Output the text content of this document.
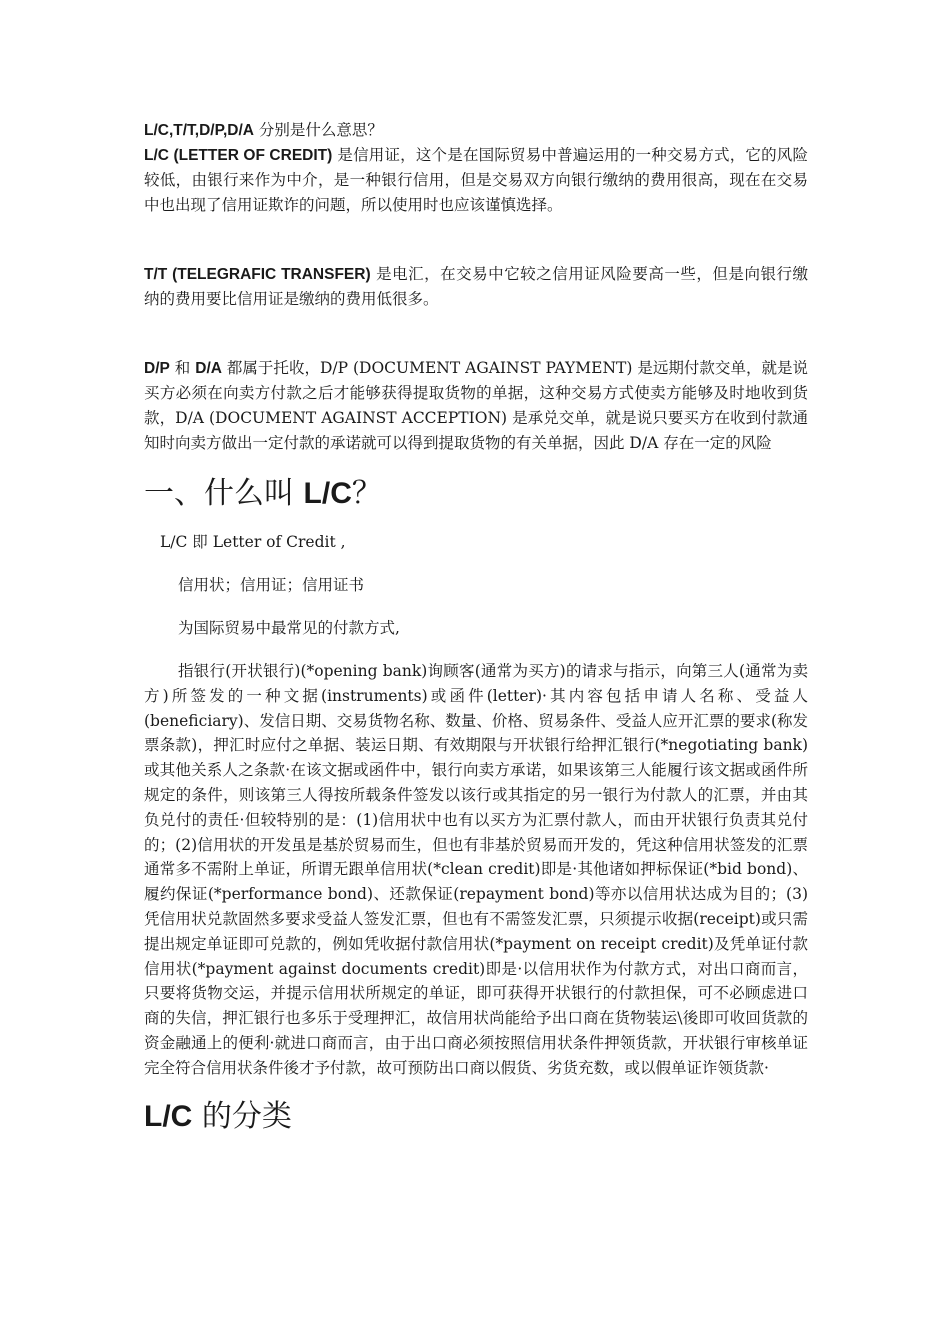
L/C,T/T,D/P,D/A 分别是什么意思？

L/C (LETTER OF CREDIT) 是信用证，这个是在国际贸易中普遍运用的一种交易方式，它的风险较低，由银行来作为中介，是一种银行信用，但是交易双方向银行缴纳的费用很高，现在在交易中也出现了信用证欺诈的问题，所以使用时也应该谨慎选择。

T/T (TELEGRAFIC TRANSFER) 是电汇，在交易中它较之信用证风险要高一些，但是向银行缴纳的费用要比信用证是缴纳的费用低很多。

D/P 和 D/A 都属于托收，D/P (DOCUMENT AGAINST PAYMENT) 是远期付款交单，就是说买方必须在向卖方付款之后才能够获得提取货物的单据，这种交易方式使卖方能够及时地收到货款，D/A (DOCUMENT AGAINST ACCEPTION) 是承兑交单，就是说只要买方在收到付款通知时向卖方做出一定付款的承诺就可以得到提取货物的有关单据，因此 D/A 存在一定的风险

一、什么叫 L/C？

L/C 即 Letter of Credit ,

信用状；信用证；信用证书

为国际贸易中最常见的付款方式,

指银行(开状银行)(*opening bank)询顾客(通常为买方)的请求与指示，向第三人(通常为卖方)所签发的一种文据(instruments)或函件(letter)·其内容包括申请人名称、受益人(beneficiary)、发信日期、交易货物名称、数量、价格、贸易条件、受益人应开汇票的要求(称发票条款)，押汇时应付之单据、装运日期、有效期限与开状银行给押汇银行(*negotiating bank)或其他关系人之条款·在该文据或函件中，银行向卖方承诺，如果该第三人能履行该文据或函件所规定的条件，则该第三人得按所载条件签发以该行或其指定的另一银行为付款人的汇票，并由其负兑付的责任·但较特别的是：(1)信用状中也有以买方为汇票付款人，而由开状银行负责其兑付的；(2)信用状的开发虽是基於贸易而生，但也有非基於贸易而开发的，凭这种信用状签发的汇票通常多不需附上单证，所谓无跟单信用状(*clean credit)即是·其他诸如押标保证(*bid bond)、履约保证(*performance bond)、还款保证(repayment bond)等亦以信用状达成为目的；(3)凭信用状兑款固然多要求受益人签发汇票，但也有不需签发汇票，只须提示收据(receipt)或只需提出规定单证即可兑款的，例如凭收据付款信用状(*payment on receipt credit)及凭单证付款信用状(*payment against documents credit)即是·以信用状作为付款方式，对出口商而言，只要将货物交运，并提示信用状所规定的单证，即可获得开状银行的付款担保，可不必顾虑进口商的失信，押汇银行也多乐于受理押汇，故信用状尚能给予出口商在货物装运\後即可收回货款的资金融通上的便利·就进口商而言，由于出口商必须按照信用状条件押领货款，开状银行审核单证完全符合信用状条件後才予付款，故可预防出口商以假货、劣货充数，或以假单证诈领货款·

L/C 的分类
